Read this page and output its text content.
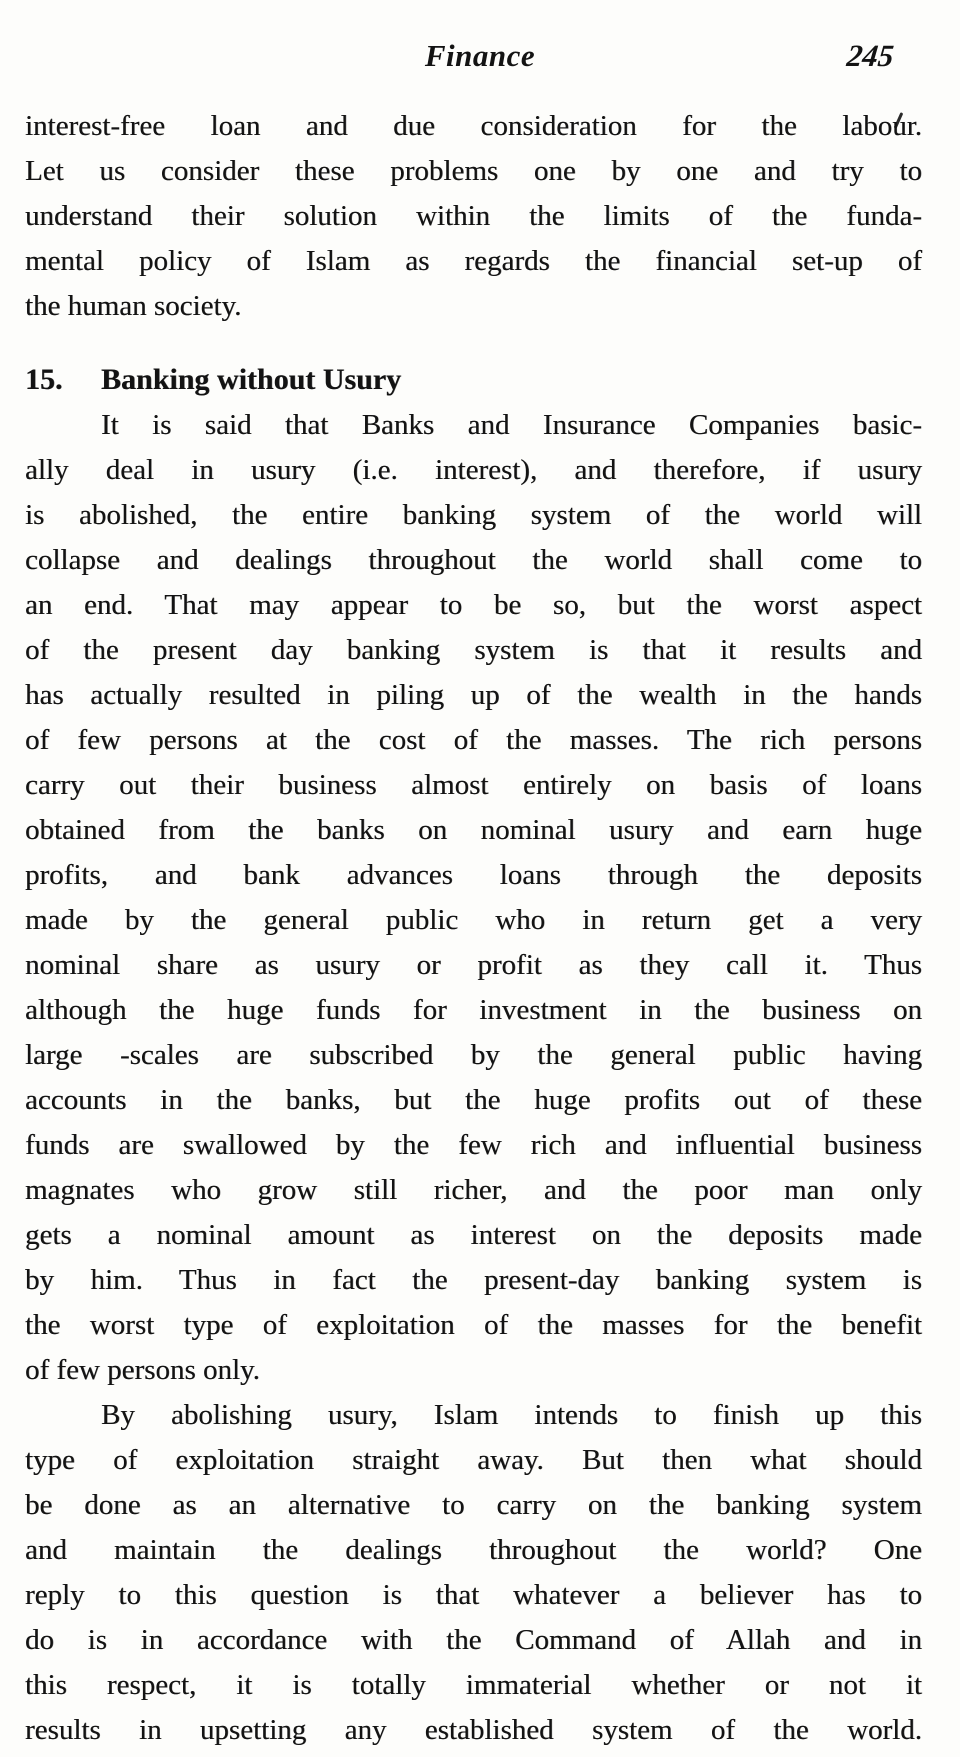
Finance	245
interest-free loan and due consideration for the labour.
Let us consider these problems one by one and try to
understand their solution within the limits of the funda-
mental policy of Islam as regards the financial set-up of
the human society.
15.	Banking without Usury
It is said that Banks and Insurance Companies basic-
ally deal in usury (i.e. interest), and therefore, if usury
is abolished, the entire banking system of the world will
collapse and dealings throughout the world shall come to
an end. That may appear to be so, but the worst aspect
of the present day banking system is that it results and
has actually resulted in piling up of the wealth in the hands
of few persons at the cost of the masses. The rich persons
carry out their business almost entirely on basis of loans
obtained from the banks on nominal usury and earn huge
profits, and bank advances loans through the deposits
made by the general public who in return get a very
nominal share as usury or profit as they call it. Thus
although the huge funds for investment in the business on
large -scales are subscribed by the general public having
accounts in the banks, but the huge profits out of these
funds are swallowed by the few rich and influential business
magnates who grow still richer, and the poor man only
gets a nominal amount as interest on the deposits made
by him. Thus in fact the present-day banking system is
the worst type of exploitation of the masses for the benefit
of few persons only.
By abolishing usury, Islam intends to finish up this
type of exploitation straight away. But then what should
be done as an alternative to carry on the banking system
and maintain the dealings throughout the world? One
reply to this question is that whatever a believer has to
do is in accordance with the Command of Allah and in
this respect, it is totally immaterial whether or not it
results in upsetting any established system of the world.
